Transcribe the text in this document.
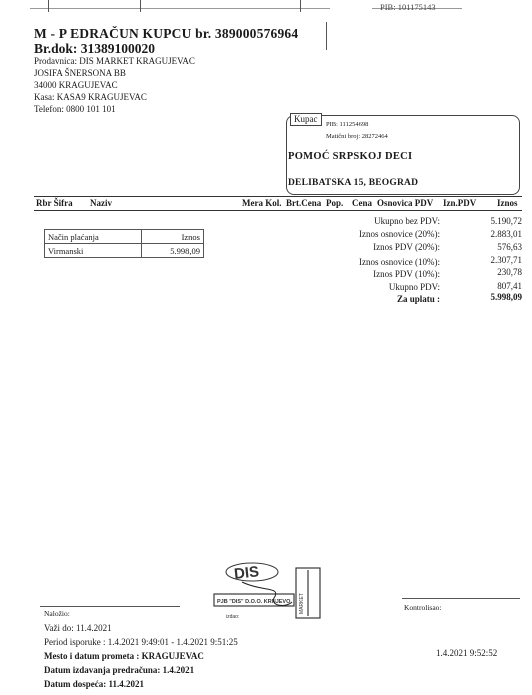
PIB: 101175143
M - P EDRAČUN KUPCU br. 389000576964
Br.dok: 31389100020
Prodavnica: DIS MARKET KRAGUJEVAC
JOSIFA ŠNERSONA BB
34000 KRAGUJEVAC
Kasa: KASA9 KRAGUJEVAC
Telefon: 0800 101 101
Kupac
PIB: 111254698
Matični broj: 28272464
POMOĆ SRPSKOJ DECI
DELIBATSKA 15, BEOGRAD
Rbr Šifra Naziv	Mera Kol. Brt.Cena Pop. Cena Osnovica PDV Izn.PDV Iznos
Način plaćanja	Iznos
Virmanski	5.998,09
Ukupno bez PDV:	5.190,72
Iznos osnovice (20%):	2.883,01
Iznos PDV (20%):	576,63
Iznos osnovice (10%):	2.307,71
Iznos PDV (10%):	230,78
Ukupno PDV:	807,41
Za uplatu :	5.998,09
DIS
PJB "DIS" D.O.O. KRNJEVO MARKET
izdao:
Naložio:
Kontrolisao:
Važi do: 11.4.2021
Period isporuke : 1.4.2021 9:49:01 - 1.4.2021 9:51:25
Mesto i datum prometa : KRAGUJEVAC
Datum izdavanja predračuna: 1.4.2021
Datum dospeća: 11.4.2021
1.4.2021 9:52:52
